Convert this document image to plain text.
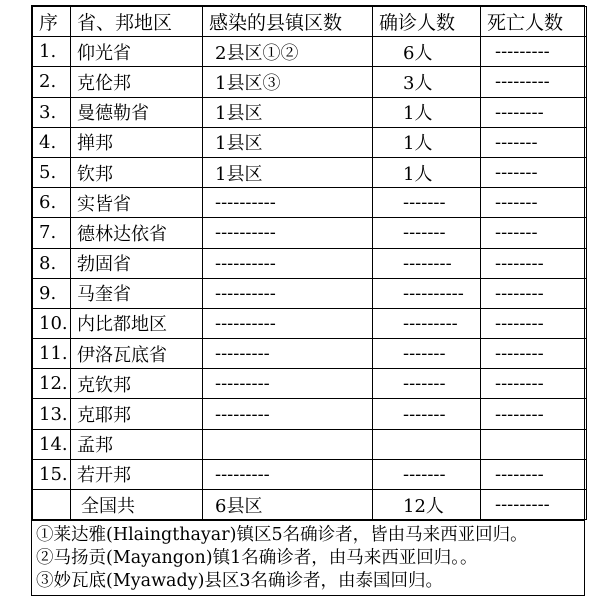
序	省、邦地区	感染的县镇区数	确诊人数	死亡人数
1.	仰光省	2县区①②	6人	---------
2.	克伦邦	1县区③	3人	---------
3.	曼德勒省	1县区	1人	--------
4.	掸邦	1县区	1人	-------
5.	钦邦	1县区	1人	-------
6.	实皆省	----------	-------	-------
7.	德林达依省	----------	-------	-------
8.	勃固省	----------	--------	--------
9.	马奎省	----------	----------	--------
10.	内比都地区	----------	---------	--------
11.	伊洛瓦底省	---------	-------	--------
12.	克钦邦	---------	-------	--------
13.	克耶邦	---------	-------	--------
14.	孟邦			
15.	若开邦	---------	-------	--------
	全国共	6县区	12人	---------
①莱达雅(Hlaingthayar)镇区5名确诊者，皆由马来西亚回归。
②马扬贡(Mayangon)镇1名确诊者，由马来西亚回归。。
③妙瓦底(Myawady)县区3名确诊者，由泰国回归。
